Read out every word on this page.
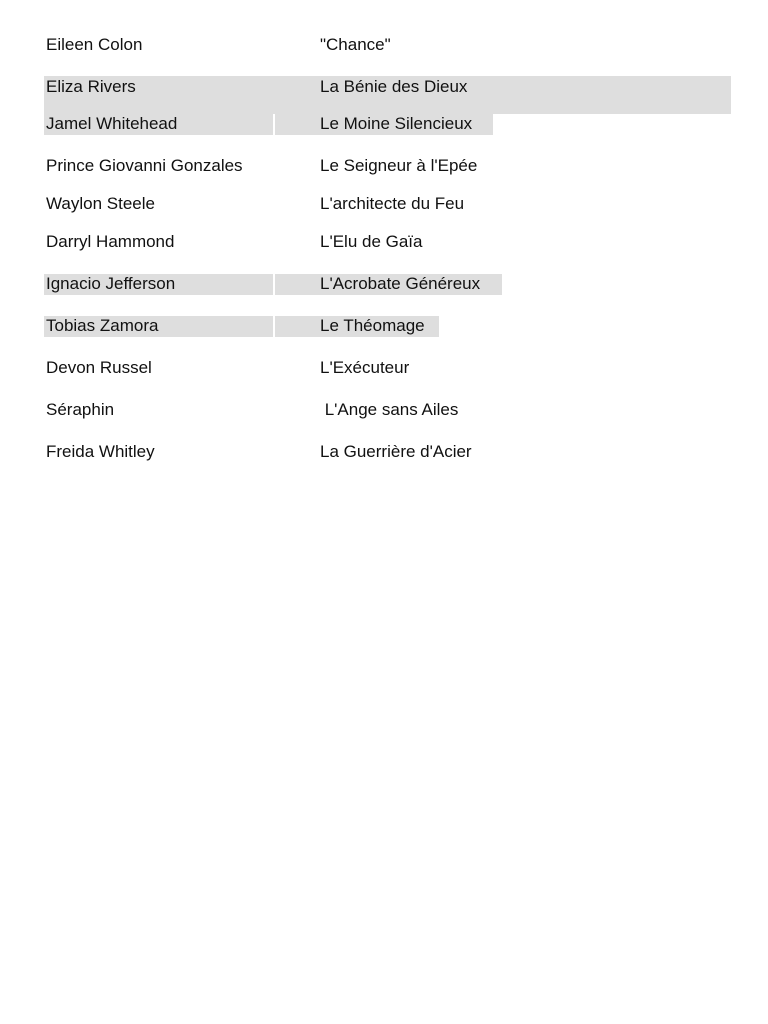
Eileen Colon	"Chance"
Eliza Rivers	La Bénie des Dieux
Jamel Whitehead	Le Moine Silencieux
Prince Giovanni Gonzales	Le Seigneur à l'Epée
Waylon Steele	L'architecte du Feu
Darryl Hammond	L'Elu de Gaïa
Ignacio Jefferson	L'Acrobate Généreux
Tobias Zamora	Le Théomage
Devon Russel	L'Exécuteur
Séraphin	L'Ange sans Ailes
Freida Whitley	La Guerrière d'Acier
